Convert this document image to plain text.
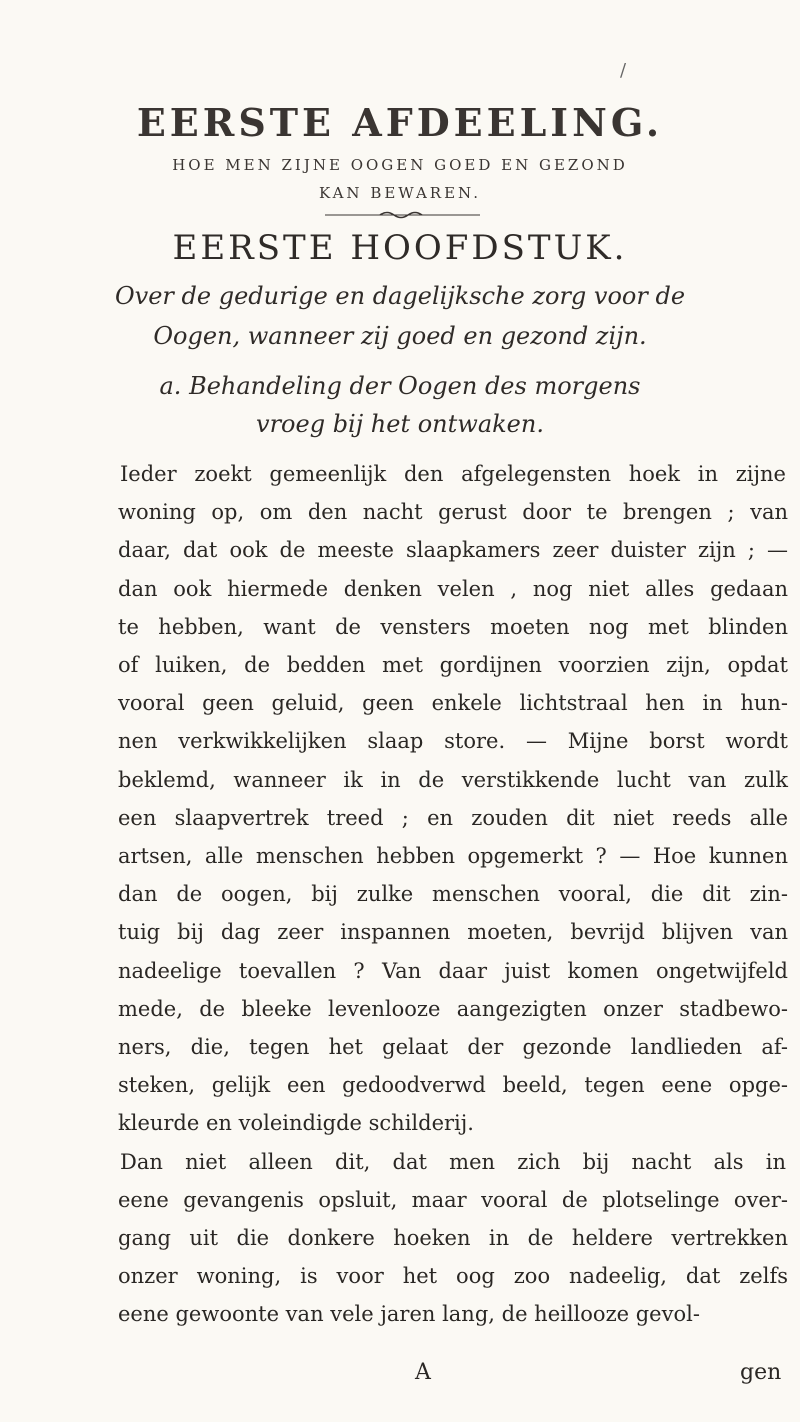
/
EERSTE AFDEELING.
HOE MEN ZIJNE OOGEN GOED EN GEZOND
KAN BEWAREN.
EERSTE HOOFDSTUK.
Over de gedurige en dagelijksche zorg voor de
Oogen, wanneer zij goed en gezond zijn.
a. Behandeling der Oogen des morgens
vroeg bij het ontwaken.
Ieder zoekt gemeenlijk den afgelegensten hoek in zijne
woning op, om den nacht gerust door te brengen ; van
daar, dat ook de meeste slaapkamers zeer duister zijn ; —
dan ook hiermede denken velen , nog niet alles gedaan
te hebben, want de vensters moeten nog met blinden
of luiken, de bedden met gordijnen voorzien zijn, opdat
vooral geen geluid, geen enkele lichtstraal hen in hun-
nen verkwikkelijken slaap store. — Mijne borst wordt
beklemd, wanneer ik in de verstikkende lucht van zulk
een slaapvertrek treed ; en zouden dit niet reeds alle
artsen, alle menschen hebben opgemerkt ? — Hoe kunnen
dan de oogen, bij zulke menschen vooral, die dit zin-
tuig bij dag zeer inspannen moeten, bevrijd blijven van
nadeelige toevallen ? Van daar juist komen ongetwijfeld
mede, de bleeke levenlooze aangezigten onzer stadbewo-
ners, die, tegen het gelaat der gezonde landlieden af-
steken, gelijk een gedoodverwd beeld, tegen eene opge-
kleurde en voleindigde schilderij.
Dan niet alleen dit, dat men zich bij nacht als in
eene gevangenis opsluit, maar vooral de plotselinge over-
gang uit die donkere hoeken in de heldere vertrekken
onzer woning, is voor het oog zoo nadeelig, dat zelfs
eene gewoonte van vele jaren lang, de heillooze gevol-
A	gen
